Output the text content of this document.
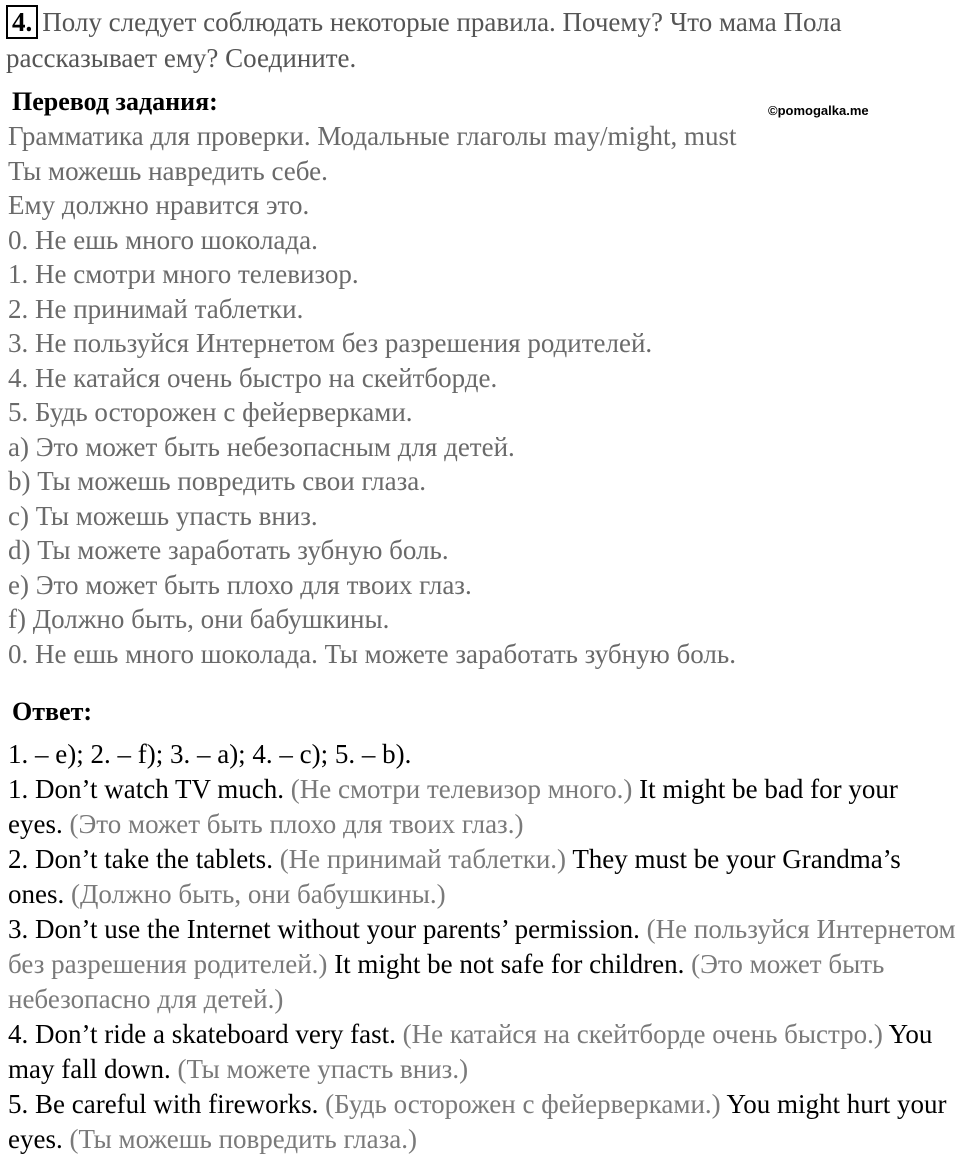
4. Полу следует соблюдать некоторые правила. Почему? Что мама Пола рассказывает ему? Соедините.
Перевод задания:	©pomogalka.me
Грамматика для проверки. Модальные глаголы may/might, must
Ты можешь навредить себе.
Ему должно нравится это.
0. Не ешь много шоколада.
1. Не смотри много телевизор.
2. Не принимай таблетки.
3. Не пользуйся Интернетом без разрешения родителей.
4. Не катайся очень быстро на скейтборде.
5. Будь осторожен с фейерверками.
a) Это может быть небезопасным для детей.
b) Ты можешь повредить свои глаза.
c) Ты можешь упасть вниз.
d) Ты можете заработать зубную боль.
e) Это может быть плохо для твоих глаз.
f) Должно быть, они бабушкины.
0. Не ешь много шоколада. Ты можете заработать зубную боль.
Ответ:
1. – e); 2. – f); 3. – a); 4. – c); 5. – b).
1. Don’t watch TV much. (Не смотри телевизор много.) It might be bad for your eyes. (Это может быть плохо для твоих глаз.)
2. Don’t take the tablets. (Не принимай таблетки.) They must be your Grandma’s ones. (Должно быть, они бабушкины.)
3. Don’t use the Internet without your parents’ permission. (Не пользуйся Интернетом без разрешения родителей.) It might be not safe for children. (Это может быть небезопасно для детей.)
4. Don’t ride a skateboard very fast. (Не катайся на скейтборде очень быстро.) You may fall down. (Ты можете упасть вниз.)
5. Be careful with fireworks. (Будь осторожен с фейерверками.) You might hurt your eyes. (Ты можешь повредить глаза.)
